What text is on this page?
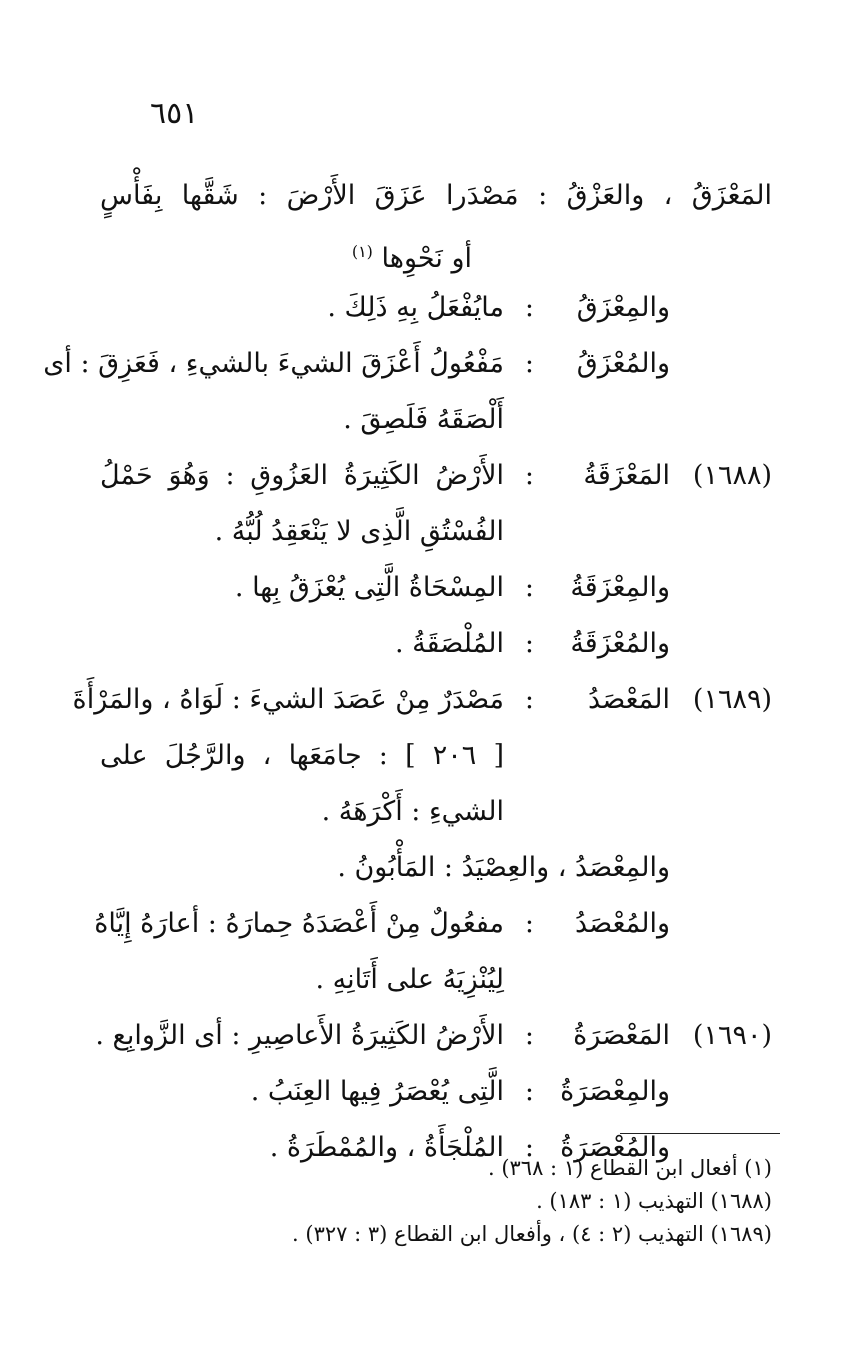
٦٥١
المَعْزَقُ ، والعَزْقُ : مَصْدَرا عَزَقَ الأَرْضَ : شَقَّها بِفَأْسٍ
أو نَحْوِها $^{(١)}$
والمِعْزَقُ
:
مايُفْعَلُ بِهِ ذَلِكَ .
والمُعْزَقُ
:
مَفْعُولُ أَعْزَقَ الشيءَ بالشيءِ ، فَعَزِقَ : أى
أَلْصَقَهُ فَلَصِقَ .
(١٦٨٨)
المَعْزَقَةُ
:
الأَرْضُ الكَثِيرَةُ العَزُوقِ : وَهُوَ حَمْلُ
الفُسْتُقِ الَّذِى لا يَنْعَقِدُ لُبُّهُ .
والمِعْزَقَةُ
:
المِسْحَاةُ الَّتِى يُعْزَقُ بِها .
والمُعْزَقَةُ
:
المُلْصَقَةُ .
(١٦٨٩)
المَعْصَدُ
:
مَصْدَرٌ مِنْ عَصَدَ الشيءَ : لَوَاهُ ، والمَرْأَةَ
[ ٢٠٦ ] : جامَعَها ، والرَّجُلَ على
الشيءِ : أَكْرَهَهُ .
والمِعْصَدُ ، والعِصْيَدُ : المَأْبُونُ .
والمُعْصَدُ
:
مفعُولٌ مِنْ أَعْصَدَهُ حِمارَهُ : أعارَهُ إِيَّاهُ
لِيُنْزِيَهُ على أَتَانِهِ .
(١٦٩٠)
المَعْصَرَةُ
:
الأَرْضُ الكَثِيرَةُ الأَعاصِيرِ : أى الزَّوابِع .
والمِعْصَرَةُ
:
الَّتِى يُعْصَرُ فِيها العِنَبُ .
والمُعْصَرَةُ
:
المُلْجَأَةُ ، والمُمْطَرَةُ .
(١) أفعال ابن القطاع (١ : ٣٦٨) .
(١٦٨٨) التهذيب (١ : ١٨٣) .
(١٦٨٩) التهذيب (٢ : ٤) ، وأفعال ابن القطاع (٣ : ٣٢٧) .
